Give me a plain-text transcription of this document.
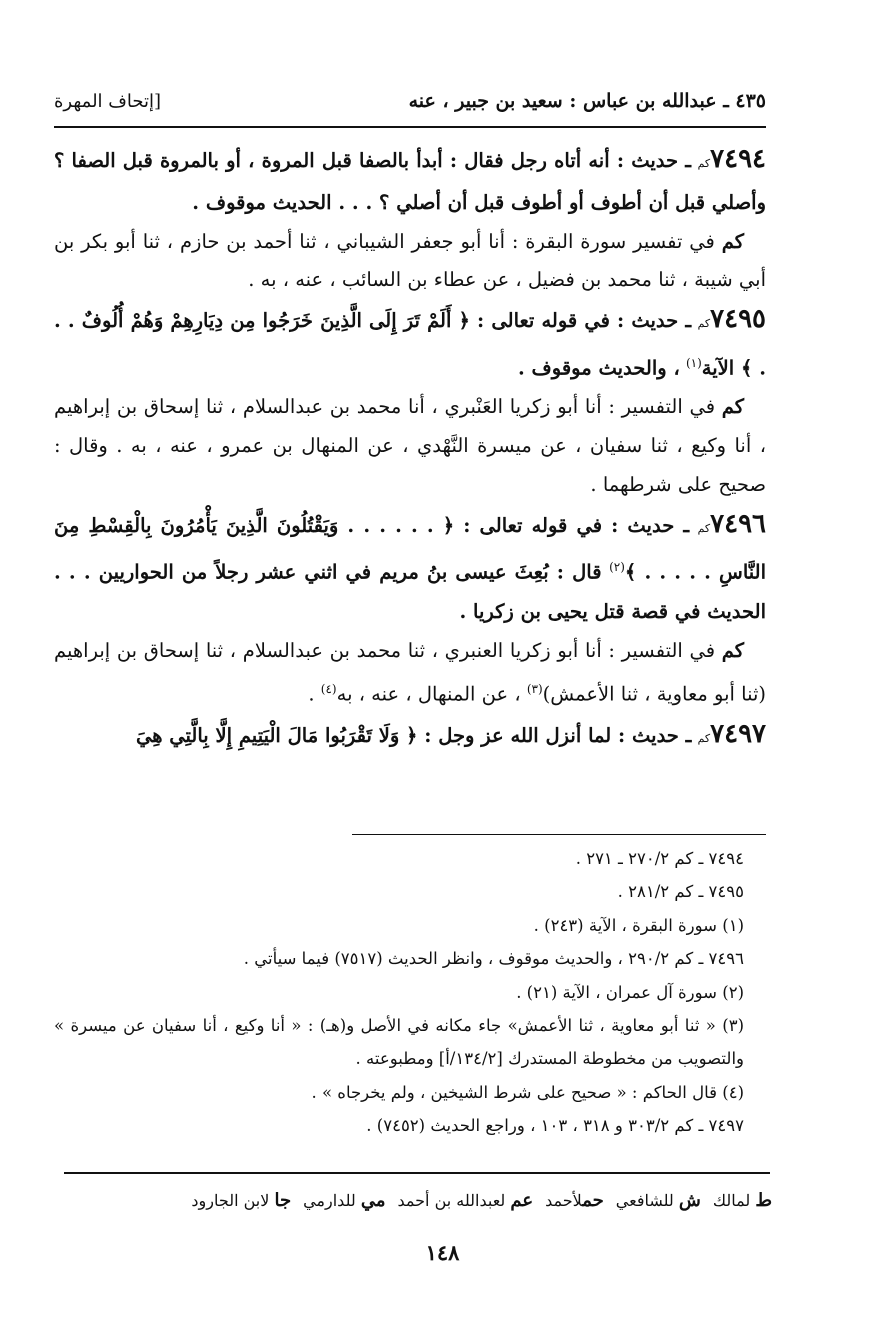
٤٣٥ ـ عبدالله بن عباس : سعيد بن جبير ، عنه
[إتحاف المهرة

٧٤٩٤كم ـ حديث : أنه أتاه رجل فقال : أبدأ بالصفا قبل المروة ، أو بالمروة قبل الصفا ؟ وأصلي قبل أن أطوف أو أطوف قبل أن أصلي ؟ . . . الحديث موقوف .

كم في تفسير سورة البقرة : أنا أبو جعفر الشيباني ، ثنا أحمد بن حازم ، ثنا أبو بكر بن أبي شيبة ، ثنا محمد بن فضيل ، عن عطاء بن السائب ، عنه ، به .

٧٤٩٥كم ـ حديث : في قوله تعالى : ﴿ أَلَمْ تَرَ إِلَى الَّذِينَ خَرَجُوا مِن دِيَارِهِمْ وَهُمْ أُلُوفٌ . . . ﴾ الآية$^{(١)}$ ، والحديث موقوف .

كم في التفسير : أنا أبو زكريا العَنْبري ، أنا محمد بن عبدالسلام ، ثنا إسحاق بن إبراهيم ، أنا وكيع ، ثنا سفيان ، عن ميسرة النَّهْدي ، عن المنهال بن عمرو ، عنه ، به . وقال : صحيح على شرطهما .

٧٤٩٦كم ـ حديث : في قوله تعالى : ﴿ . . . . . . وَيَقْتُلُونَ الَّذِينَ يَأْمُرُونَ بِالْقِسْطِ مِنَ النَّاسِ . . . . . ﴾$^{(٢)}$ قال : بُعِثَ عيسى بنُ مريم في اثني عشر رجلاً من الحواريين . . . الحديث في قصة قتل يحيى بن زكريا .

كم في التفسير : أنا أبو زكريا العنبري ، ثنا محمد بن عبدالسلام ، ثنا إسحاق بن إبراهيم (ثنا أبو معاوية ، ثنا الأعمش)$^{(٣)}$ ، عن المنهال ، عنه ، به$^{(٤)}$ .

٧٤٩٧كم ـ حديث : لما أنزل الله عز وجل : ﴿ وَلَا تَقْرَبُوا مَالَ الْيَتِيمِ إِلَّا بِالَّتِي هِيَ

٧٤٩٤ ـ كم ٢٧٠/٢ ـ ٢٧١ .

٧٤٩٥ ـ كم ٢٨١/٢ .

(١) سورة البقرة ، الآية (٢٤٣) .

٧٤٩٦ ـ كم ٢٩٠/٢ ، والحديث موقوف ، وانظر الحديث (٧٥١٧) فيما سيأتي .

(٢) سورة آل عمران ، الآية (٢١) .

(٣) « ثنا أبو معاوية ، ثنا الأعمش» جاء مكانه في الأصل و(هـ) : « أنا وكيع ، أنا سفيان عن ميسرة » والتصويب من مخطوطة المستدرك [١٣٤/٢/أ] ومطبوعته .

(٤) قال الحاكم : « صحيح على شرط الشيخين ، ولم يخرجاه » .

٧٤٩٧ ـ كم ٣٠٣/٢ و ٣١٨ ، ١٠٣ ، وراجع الحديث (٧٤٥٢) .

ط لمالك
ش للشافعي
حملأحمد
عم لعبدالله بن أحمد
مي للدارمي
جا لابن الجارود
١٤٨
